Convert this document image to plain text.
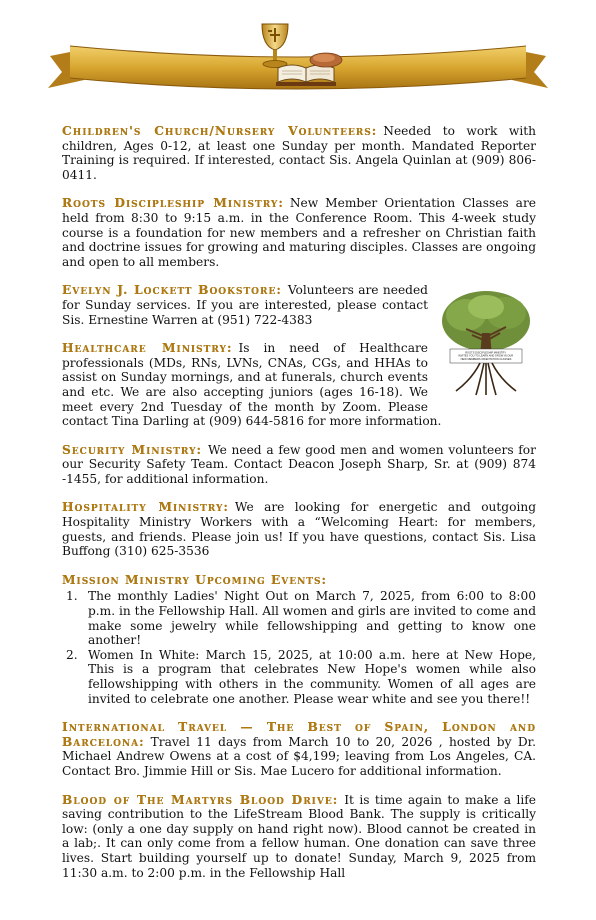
Children's Church/Nursery Volunteers: Needed to work with children, Ages 0-12, at least one Sunday per month. Mandated Reporter Training is required. If interested, contact Sis. Angela Quinlan at (909) 806-0411.

Roots Discipleship Ministry: New Member Orientation Classes are held from 8:30 to 9:15 a.m. in the Conference Room. This 4-week study course is a foundation for new members and a refresher on Christian faith and doctrine issues for growing and maturing disciples. Classes are ongoing and open to all members.
ROOTS DISCIPLESHIP MINISTRY INVITES YOU TO LEARN AND GROW IN OUR NEW MEMBERS ORIENTATION CLASSES

Evelyn J. Lockett Bookstore: Volunteers are needed for Sunday services. If you are interested, please contact Sis. Ernestine Warren at (951) 722-4383

Healthcare Ministry: Is in need of Healthcare professionals (MDs, RNs, LVNs, CNAs, CGs, and HHAs to assist on Sunday mornings, and at funerals, church events and etc. We are also accepting juniors (ages 16-18). We meet every 2nd Tuesday of the month by Zoom. Please contact Tina Darling at (909) 644-5816 for more information.

Security Ministry: We need a few good men and women volunteers for our Security Safety Team. Contact Deacon Joseph Sharp, Sr. at (909) 874 -1455, for additional information.

Hospitality Ministry: We are looking for energetic and outgoing Hospitality Ministry Workers with a “Welcoming Heart: for members, guests, and friends. Please join us! If you have questions, contact Sis. Lisa Buffong (310) 625-3536

Mission Ministry Upcoming Events:
1. The monthly Ladies' Night Out on March 7, 2025, from 6:00 to 8:00 p.m. in the Fellowship Hall. All women and girls are invited to come and make some jewelry while fellowshipping and getting to know one another!
2. Women In White: March 15, 2025, at 10:00 a.m. here at New Hope, This is a program that celebrates New Hope's women while also fellowshipping with others in the community. Women of all ages are invited to celebrate one another. Please wear white and see you there!!

International Travel — The Best of Spain, London and Barcelona: Travel 11 days from March 10 to 20, 2026 , hosted by Dr. Michael Andrew Owens at a cost of $4,199; leaving from Los Angeles, CA. Contact Bro. Jimmie Hill or Sis. Mae Lucero for additional information.

Blood of The Martyrs Blood Drive: It is time again to make a life saving contribution to the LifeStream Blood Bank. The supply is critically low: (only a one day supply on hand right now). Blood cannot be created in a lab;. It can only come from a fellow human. One donation can save three lives. Start building yourself up to donate! Sunday, March 9, 2025 from 11:30 a.m. to 2:00 p.m. in the Fellowship Hall
